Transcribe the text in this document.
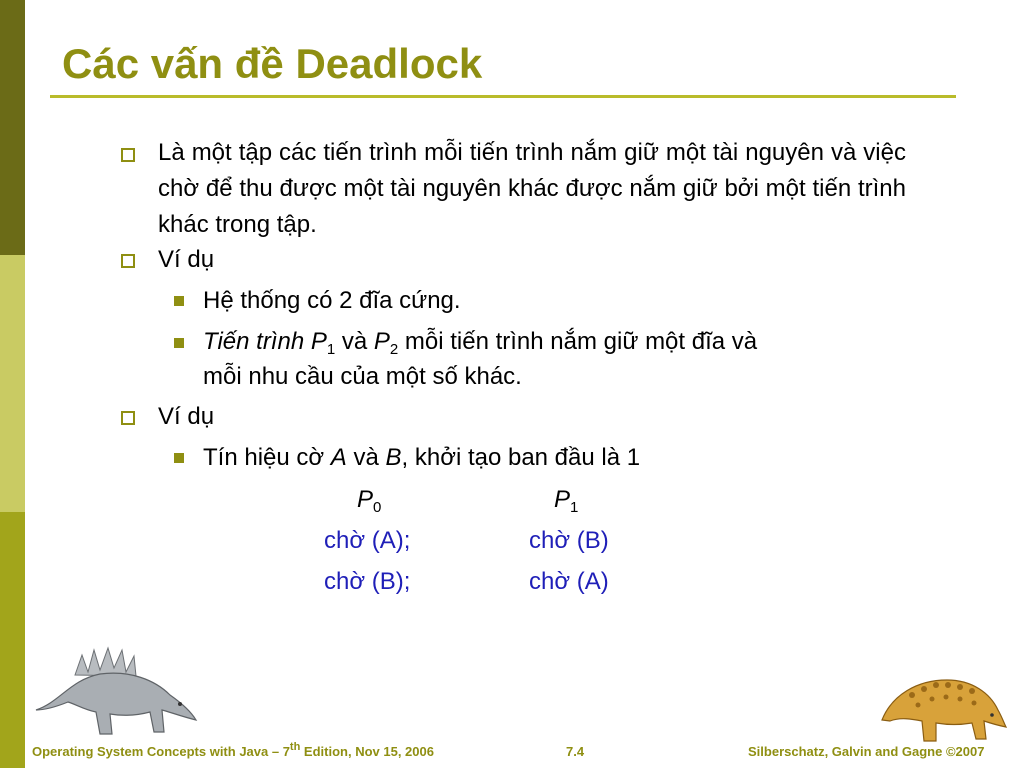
Các vấn đề Deadlock
Là một tập các tiến trình mỗi tiến trình nắm giữ một tài nguyên và việc chờ để thu được một tài nguyên khác được nắm giữ bởi một tiến trình khác trong tập.
Ví dụ
Hệ thống có 2 đĩa cứng.
Tiến trình $P_1$ và $P_2$ mỗi tiến trình nắm giữ một đĩa và
mỗi nhu cầu của một số khác.
Ví dụ
Tín hiệu cờ A và B, khởi tạo ban đầu là 1
$P_0$	$P_1$
chờ (A);	chờ (B)
chờ (B);	chờ (A)
Operating System Concepts with Java – 7th Edition, Nov 15, 2006	7.4	Silberschatz, Galvin and Gagne ©2007
